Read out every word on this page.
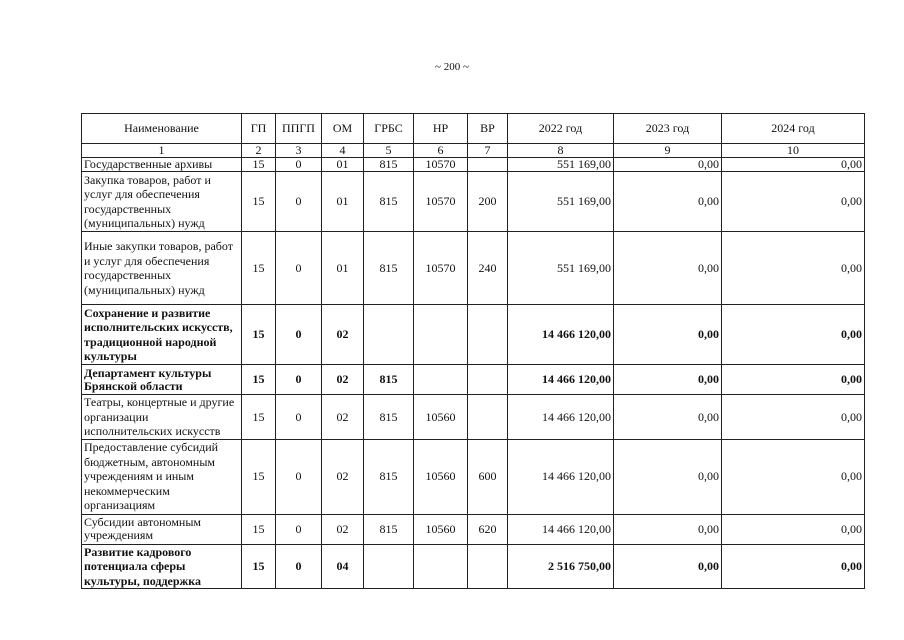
~ 200 ~
Наименование	ГП	ППГП	ОМ	ГРБС	НР	ВР	2022 год	2023 год	2024 год
1	2	3	4	5	6	7	8	9	10
Государственные архивы	15	0	01	815	10570		551 169,00	0,00	0,00
Закупка товаров, работ и услуг для обеспечения государственных (муниципальных) нужд	15	0	01	815	10570	200	551 169,00	0,00	0,00
Иные закупки товаров, работ и услуг для обеспечения государственных (муниципальных) нужд	15	0	01	815	10570	240	551 169,00	0,00	0,00
Сохранение и развитие исполнительских искусств, традиционной народной культуры	15	0	02				14 466 120,00	0,00	0,00
Департамент культуры Брянской области	15	0	02	815			14 466 120,00	0,00	0,00
Театры, концертные и другие организации исполнительских искусств	15	0	02	815	10560		14 466 120,00	0,00	0,00
Предоставление субсидий бюджетным, автономным учреждениям и иным некоммерческим организациям	15	0	02	815	10560	600	14 466 120,00	0,00	0,00
Субсидии автономным учреждениям	15	0	02	815	10560	620	14 466 120,00	0,00	0,00
Развитие кадрового потенциала сферы культуры, поддержка	15	0	04				2 516 750,00	0,00	0,00
